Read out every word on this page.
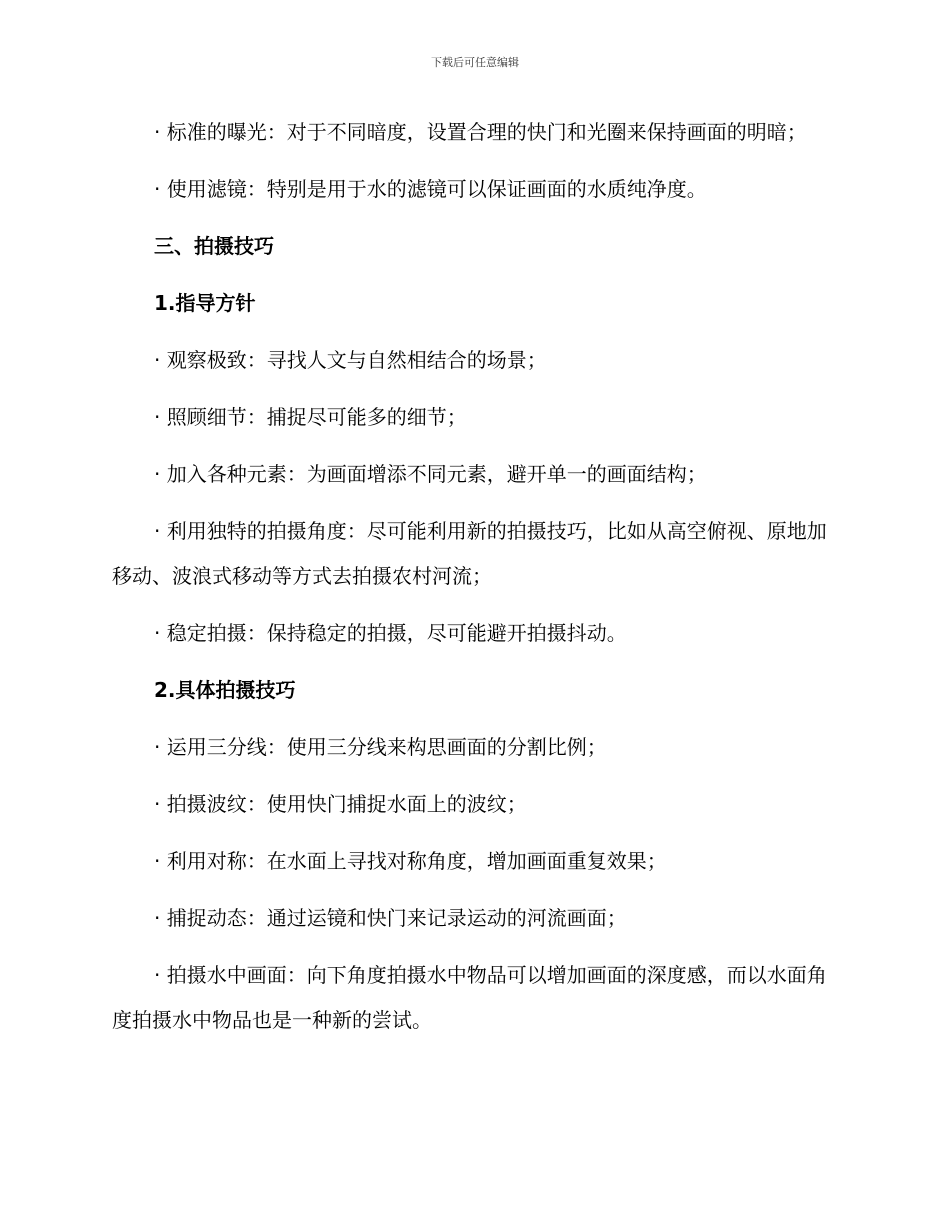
下载后可任意编辑

· 标准的曝光：对于不同暗度，设置合理的快门和光圈来保持画面的明暗；

· 使用滤镜：特别是用于水的滤镜可以保证画面的水质纯净度。

三、拍摄技巧

1.指导方针

· 观察极致：寻找人文与自然相结合的场景；

· 照顾细节：捕捉尽可能多的细节；

· 加入各种元素：为画面增添不同元素，避开单一的画面结构；

· 利用独特的拍摄角度：尽可能利用新的拍摄技巧，比如从高空俯视、原地加移动、波浪式移动等方式去拍摄农村河流；

· 稳定拍摄：保持稳定的拍摄，尽可能避开拍摄抖动。

2.具体拍摄技巧

· 运用三分线：使用三分线来构思画面的分割比例；

· 拍摄波纹：使用快门捕捉水面上的波纹；

· 利用对称：在水面上寻找对称角度，增加画面重复效果；

· 捕捉动态：通过运镜和快门来记录运动的河流画面；

· 拍摄水中画面：向下角度拍摄水中物品可以增加画面的深度感，而以水面角度拍摄水中物品也是一种新的尝试。
